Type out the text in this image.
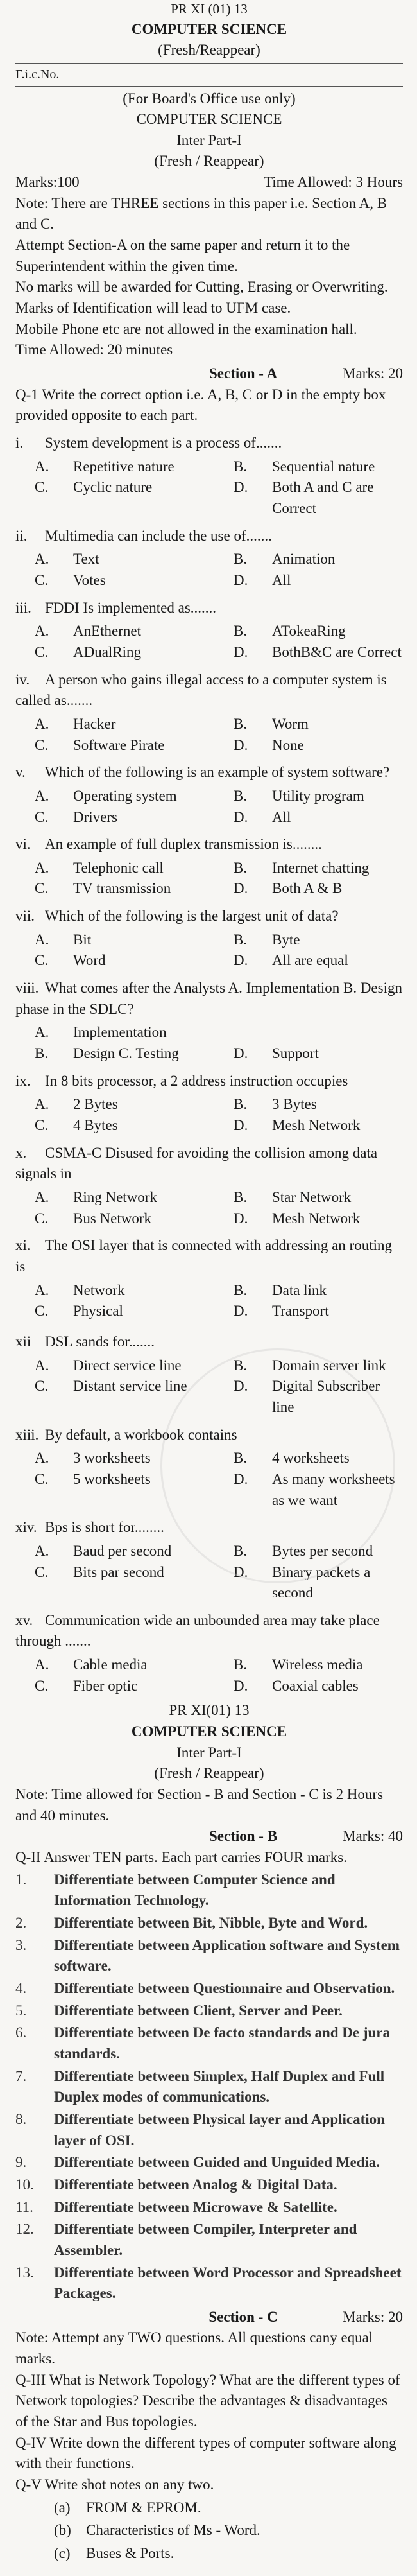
PR XI (01) 13
COMPUTER SCIENCE
(Fresh/Reappear)
F.i.c.No.
(For Board's Office use only)
COMPUTER SCIENCE
Inter Part-I
(Fresh / Reappear)
Marks:100	Time Allowed: 3 Hours
Note: There are THREE sections in this paper i.e. Section A, B and C.
Attempt Section-A on the same paper and return it to the Superintendent within the given time.
No marks will be awarded for Cutting, Erasing or Overwriting. Marks of Identification will lead to UFM case.
Mobile Phone etc are not allowed in the examination hall.
Time Allowed: 20 minutes
Section - A	Marks: 20
Q-1 Write the correct option i.e. A, B, C or D in the empty box provided opposite to each part.
i. System development is a process of.......
A.	Repetitive nature	B.	Sequential nature
C.	Cyclic nature	D.	Both A and C are Correct
ii. Multimedia can include the use of.......
A.	Text	B.	Animation
C.	Votes	D.	All
iii. FDDI Is implemented as.......
A.	AnEthernet	B.	ATokeaRing
C.	ADualRing	D.	BothB&C are Correct
iv. A person who gains illegal access to a computer system is called as.......
A.	Hacker	B.	Worm
C.	Software Pirate	D.	None
v. Which of the following is an example of system software?
A.	Operating system	B.	Utility program
C.	Drivers	D.	All
vi. An example of full duplex transmission is........
A.	Telephonic call	B.	Internet chatting
C.	TV transmission	D.	Both A & B
vii. Which of the following is the largest unit of data?
A.	Bit	B.	Byte
C.	Word	D.	All are equal
viii. What comes after the Analysts A. Implementation B. Design phase in the SDLC?
A.	Implementation
B.	Design C. Testing	D.	Support
ix. In 8 bits processor, a 2 address instruction occupies
A.	2 Bytes	B.	3 Bytes
C.	4 Bytes	D.	Mesh Network
x. CSMA-C Disused for avoiding the collision among data signals in
A.	Ring Network	B.	Star Network
C.	Bus Network	D.	Mesh Network
xi. The OSI layer that is connected with addressing an routing is
A.	Network	B.	Data link
C.	Physical	D.	Transport
xii DSL sands for.......
A.	Direct service line	B.	Domain server link
C.	Distant service line	D.	Digital Subscriber line
xiii. By default, a workbook contains
A.	3 worksheets	B.	4 worksheets
C.	5 worksheets	D.	As many worksheets as we want
xiv. Bps is short for........
A.	Baud per second	B.	Bytes per second
C.	Bits par second	D.	Binary packets a second
xv. Communication wide an unbounded area may take place through .......
A.	Cable media	B.	Wireless media
C.	Fiber optic	D.	Coaxial cables
PR XI(01) 13
COMPUTER SCIENCE
Inter Part-I
(Fresh / Reappear)
Note: Time allowed for Section - B and Section - C is 2 Hours and 40 minutes.
Section - B	Marks: 40
Q-II Answer TEN parts. Each part carries FOUR marks.
1.	Differentiate between Computer Science and Information Technology.
2.	Differentiate between Bit, Nibble, Byte and Word.
3.	Differentiate between Application software and System software.
4.	Differentiate between Questionnaire and Observation.
5.	Differentiate between Client, Server and Peer.
6.	Differentiate between De facto standards and De jura standards.
7.	Differentiate between Simplex, Half Duplex and Full Duplex modes of communications.
8.	Differentiate between Physical layer and Application layer of OSI.
9.	Differentiate between Guided and Unguided Media.
10.	Differentiate between Analog & Digital Data.
11.	Differentiate between Microwave & Satellite.
12.	Differentiate between Compiler, Interpreter and Assembler.
13.	Differentiate between Word Processor and Spreadsheet Packages.
Section - C	Marks: 20
Note: Attempt any TWO questions. All questions cany equal marks.
Q-III What is Network Topology? What are the different types of Network topologies? Describe the advantages & disadvantages of the Star and Bus topologies.
Q-IV Write down the different types of computer software along with their functions.
Q-V Write shot notes on any two.
(a)	FROM & EPROM.
(b)	Characteristics of Ms - Word.
(c)	Buses & Ports.
